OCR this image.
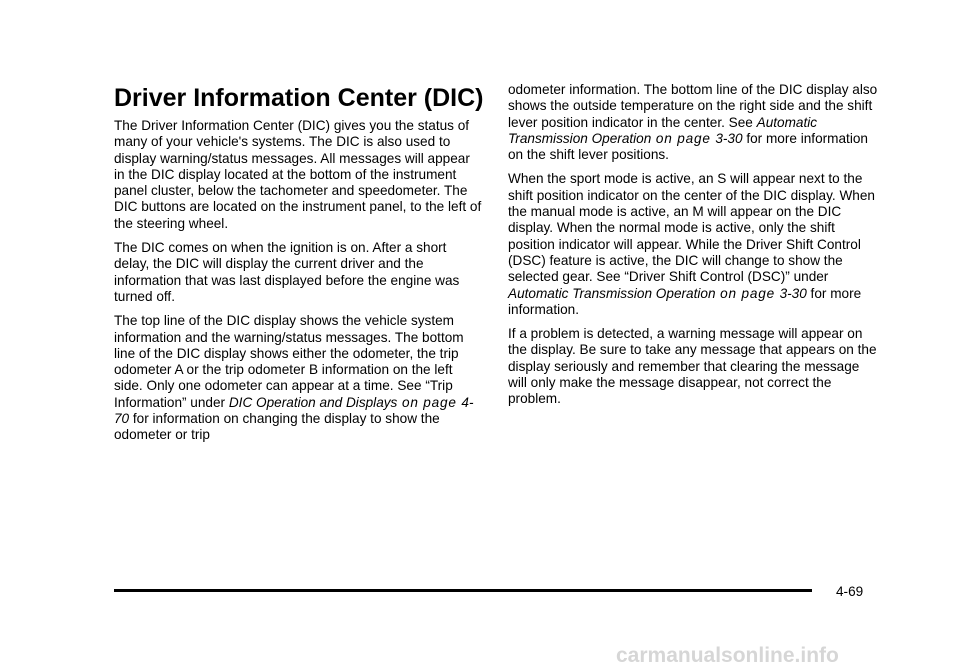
Driver Information Center (DIC)

The Driver Information Center (DIC) gives you the status of many of your vehicle's systems. The DIC is also used to display warning/status messages. All messages will appear in the DIC display located at the bottom of the instrument panel cluster, below the tachometer and speedometer. The DIC buttons are located on the instrument panel, to the left of the steering wheel.

The DIC comes on when the ignition is on. After a short delay, the DIC will display the current driver and the information that was last displayed before the engine was turned off.

The top line of the DIC display shows the vehicle system information and the warning/status messages. The bottom line of the DIC display shows either the odometer, the trip odometer A or the trip odometer B information on the left side. Only one odometer can appear at a time. See “Trip Information” under DIC Operation and Displays on page 4-70 for information on changing the display to show the odometer or trip

odometer information. The bottom line of the DIC display also shows the outside temperature on the right side and the shift lever position indicator in the center. See Automatic Transmission Operation on page 3-30 for more information on the shift lever positions.

When the sport mode is active, an S will appear next to the shift position indicator on the center of the DIC display. When the manual mode is active, an M will appear on the DIC display. When the normal mode is active, only the shift position indicator will appear. While the Driver Shift Control (DSC) feature is active, the DIC will change to show the selected gear. See “Driver Shift Control (DSC)” under Automatic Transmission Operation on page 3-30 for more information.

If a problem is detected, a warning message will appear on the display. Be sure to take any message that appears on the display seriously and remember that clearing the message will only make the message disappear, not correct the problem.

4-69
carmanualsonline.info
